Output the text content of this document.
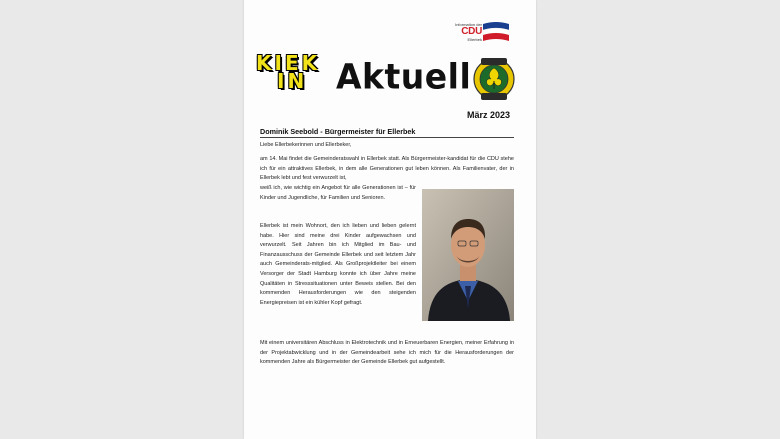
Information der
CDU
Ellerbek
KIEK
IN Aktuell
März 2023
Dominik Seebold - Bürgermeister für Ellerbek
Liebe Ellerbekerinnen und Ellerbeker,
am 14. Mai findet die Gemeinderatswahl in Ellerbek statt. Als Bürgermeister-kandidat für die CDU stehe ich für ein attraktives Ellerbek, in dem alle Generationen gut leben können. Als Familienvater, der in Ellerbek lebt und fest verwurzelt ist,
weiß ich, wie wichtig ein Angebot für alle Generationen ist – für Kinder und Jugendliche, für Familien und Senioren.
Ellerbek ist mein Wohnort, den ich lieben und lieben gelernt habe. Hier sind meine drei Kinder aufgewachsen und verwurzelt. Seit Jahren bin ich Mitglied im Bau- und Finanzausschuss der Gemeinde Ellerbek und seit letztem Jahr auch Gemeinderats-mitglied. Als Großprojektleiter bei einem Versorger der Stadt Hamburg konnte ich über Jahre meine Qualitäten in Stresssituationen unter Beweis stellen. Bei den kommenden Herausforderungen wie den steigenden Energiepreisen ist ein kühler Kopf gefragt.
Mit einem universitären Abschluss in Elektrotechnik und in Erneuerbaren Energien, meiner Erfahrung in der Projektabwicklung und in der Gemeindearbeit sehe ich mich für die Herausforderungen der kommenden Jahre als Bürgermeister der Gemeinde Ellerbek gut aufgestellt.
